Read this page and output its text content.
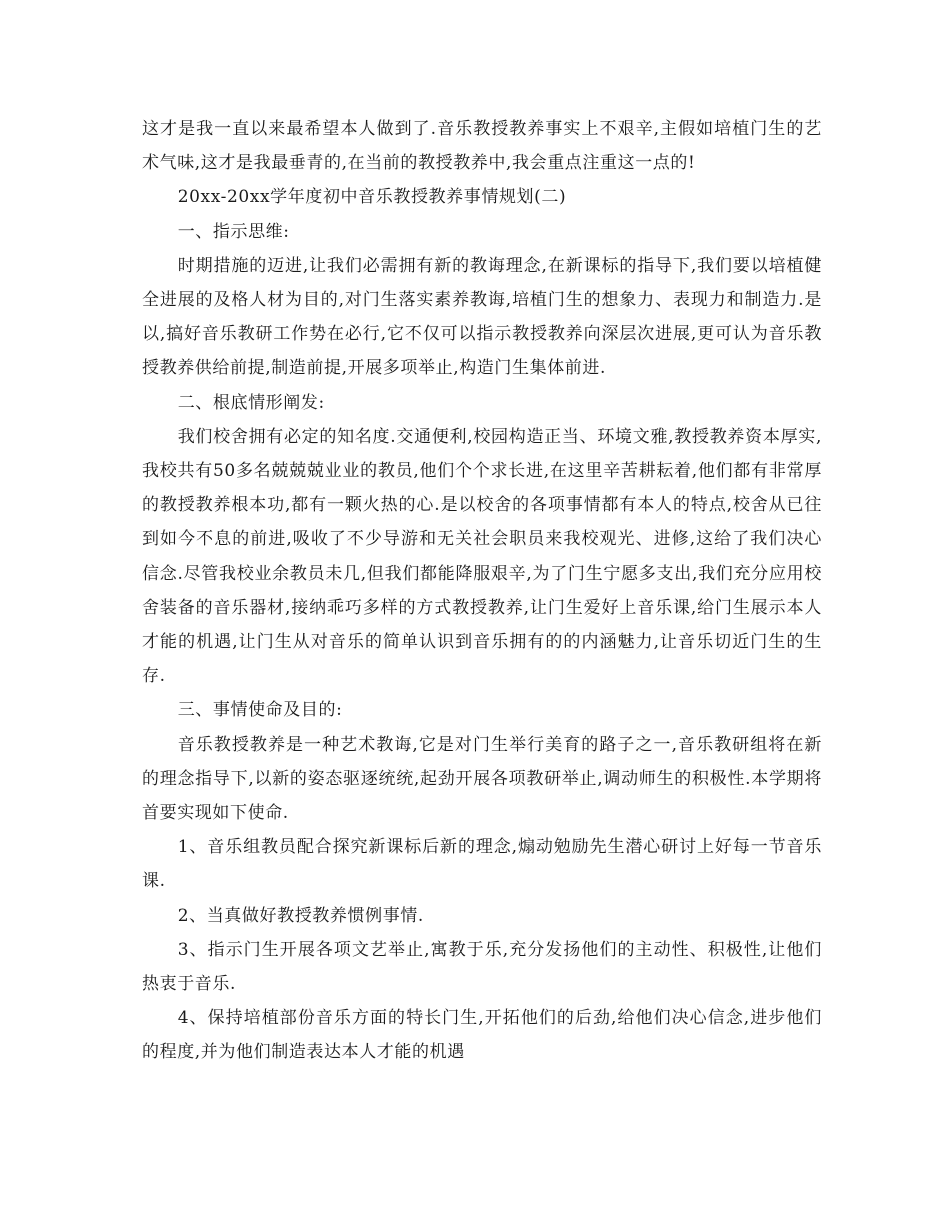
这才是我一直以来最希望本人做到了.音乐教授教养事实上不艰辛,主假如培植门生的艺术气味,这才是我最垂青的,在当前的教授教养中,我会重点注重这一点的!

20xx-20xx学年度初中音乐教授教养事情规划(二)

一、指示思维:

时期措施的迈进,让我们必需拥有新的教诲理念,在新课标的指导下,我们要以培植健全进展的及格人材为目的,对门生落实素养教诲,培植门生的想象力、表现力和制造力.是以,搞好音乐教研工作势在必行,它不仅可以指示教授教养向深层次进展,更可认为音乐教授教养供给前提,制造前提,开展多项举止,构造门生集体前进.

二、根底情形阐发:

我们校舍拥有必定的知名度.交通便利,校园构造正当、环境文雅,教授教养资本厚实,我校共有50多名兢兢兢业业的教员,他们个个求长进,在这里辛苦耕耘着,他们都有非常厚的教授教养根本功,都有一颗火热的心.是以校舍的各项事情都有本人的特点,校舍从已往到如今不息的前进,吸收了不少导游和无关社会职员来我校观光、进修,这给了我们决心信念.尽管我校业余教员未几,但我们都能降服艰辛,为了门生宁愿多支出,我们充分应用校舍装备的音乐器材,接纳乖巧多样的方式教授教养,让门生爱好上音乐课,给门生展示本人才能的机遇,让门生从对音乐的简单认识到音乐拥有的的内涵魅力,让音乐切近门生的生存.

三、事情使命及目的:

音乐教授教养是一种艺术教诲,它是对门生举行美育的路子之一,音乐教研组将在新的理念指导下,以新的姿态驱逐统统,起劲开展各项教研举止,调动师生的积极性.本学期将首要实现如下使命.

1、音乐组教员配合探究新课标后新的理念,煽动勉励先生潜心研讨上好每一节音乐课.

2、当真做好教授教养惯例事情.

3、指示门生开展各项文艺举止,寓教于乐,充分发扬他们的主动性、积极性,让他们热衷于音乐.

4、保持培植部份音乐方面的特长门生,开拓他们的后劲,给他们决心信念,进步他们的程度,并为他们制造表达本人才能的机遇
